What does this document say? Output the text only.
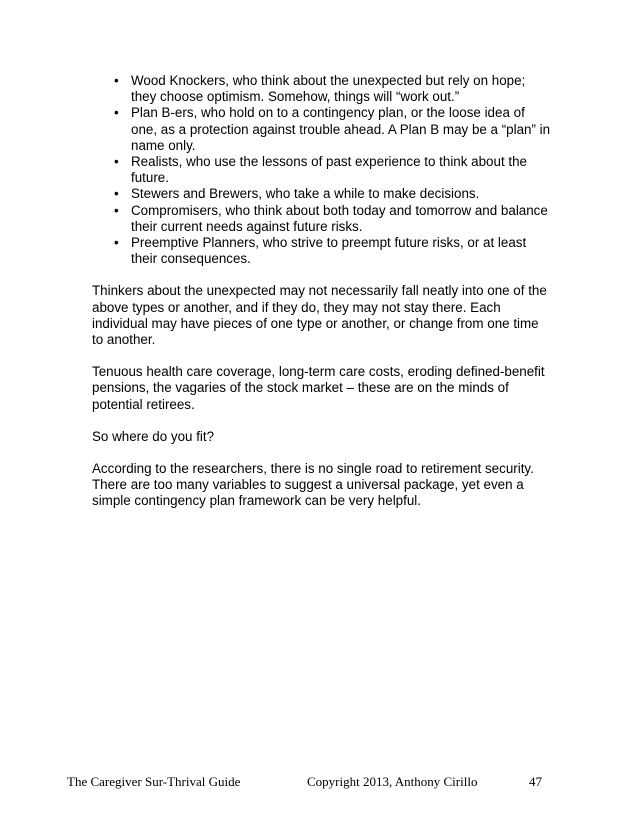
• Wood Knockers, who think about the unexpected but rely on hope; they choose optimism. Somehow, things will “work out.”
• Plan B-ers, who hold on to a contingency plan, or the loose idea of one, as a protection against trouble ahead. A Plan B may be a “plan” in name only.
• Realists, who use the lessons of past experience to think about the future.
• Stewers and Brewers, who take a while to make decisions.
• Compromisers, who think about both today and tomorrow and balance their current needs against future risks.
• Preemptive Planners, who strive to preempt future risks, or at least their consequences.

Thinkers about the unexpected may not necessarily fall neatly into one of the above types or another, and if they do, they may not stay there. Each individual may have pieces of one type or another, or change from one time to another.

Tenuous health care coverage, long-term care costs, eroding defined-benefit pensions, the vagaries of the stock market – these are on the minds of potential retirees.

So where do you fit?

According to the researchers, there is no single road to retirement security. There are too many variables to suggest a universal package, yet even a simple contingency plan framework can be very helpful.

The Caregiver Sur-Thrival Guide	Copyright 2013, Anthony Cirillo	47
